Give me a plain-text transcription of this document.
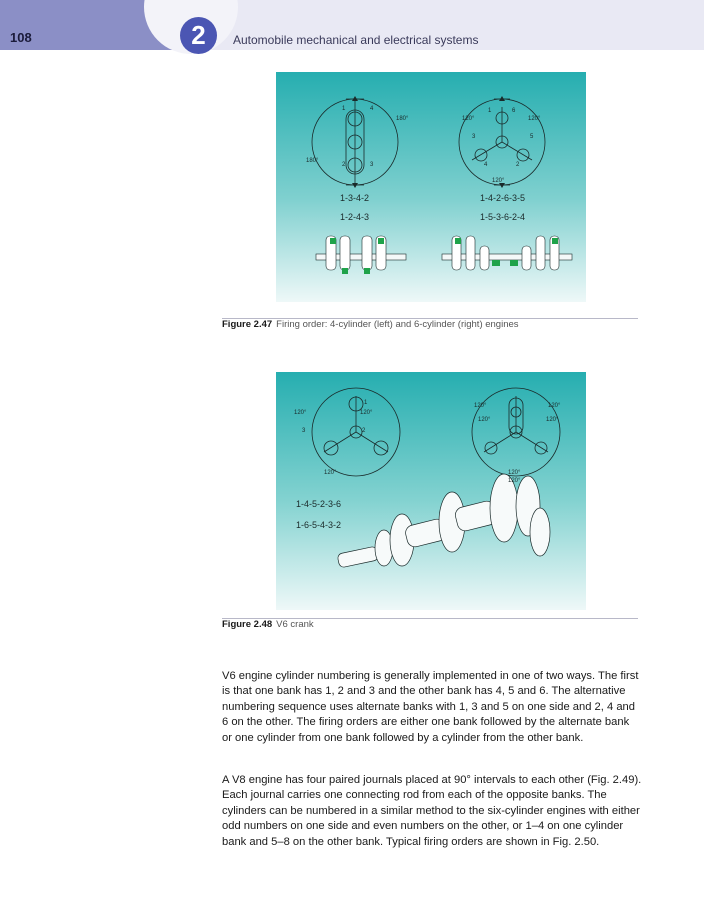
108	2	Automobile mechanical and electrical systems
180°
180°
1	4
2	3
1-3-4-2
1-2-4-3
120°	120°
120°
1	6
3	5
4	2
1-4-2-6-3-5
1-5-3-6-2-4
Figure 2.47 Firing order: 4-cylinder (left) and 6-cylinder (right) engines
120°	120°
120°
1
3	2
120°	120°
120°	120°
120°
120°
1-4-5-2-3-6
1-6-5-4-3-2
Figure 2.48 V6 crank

V6 engine cylinder numbering is generally implemented in one of two ways. The first is that one bank has 1, 2 and 3 and the other bank has 4, 5 and 6. The alternative numbering sequence uses alternate banks with 1, 3 and 5 on one side and 2, 4 and 6 on the other. The firing orders are either one bank followed by the alternate bank or one cylinder from one bank followed by a cylinder from the other bank.

A V8 engine has four paired journals placed at 90° intervals to each other (Fig. 2.49). Each journal carries one connecting rod from each of the opposite banks. The cylinders can be numbered in a similar method to the six-cylinder engines with either odd numbers on one side and even numbers on the other, or 1–4 on one cylinder bank and 5–8 on the other bank. Typical firing orders are shown in Fig. 2.50.
